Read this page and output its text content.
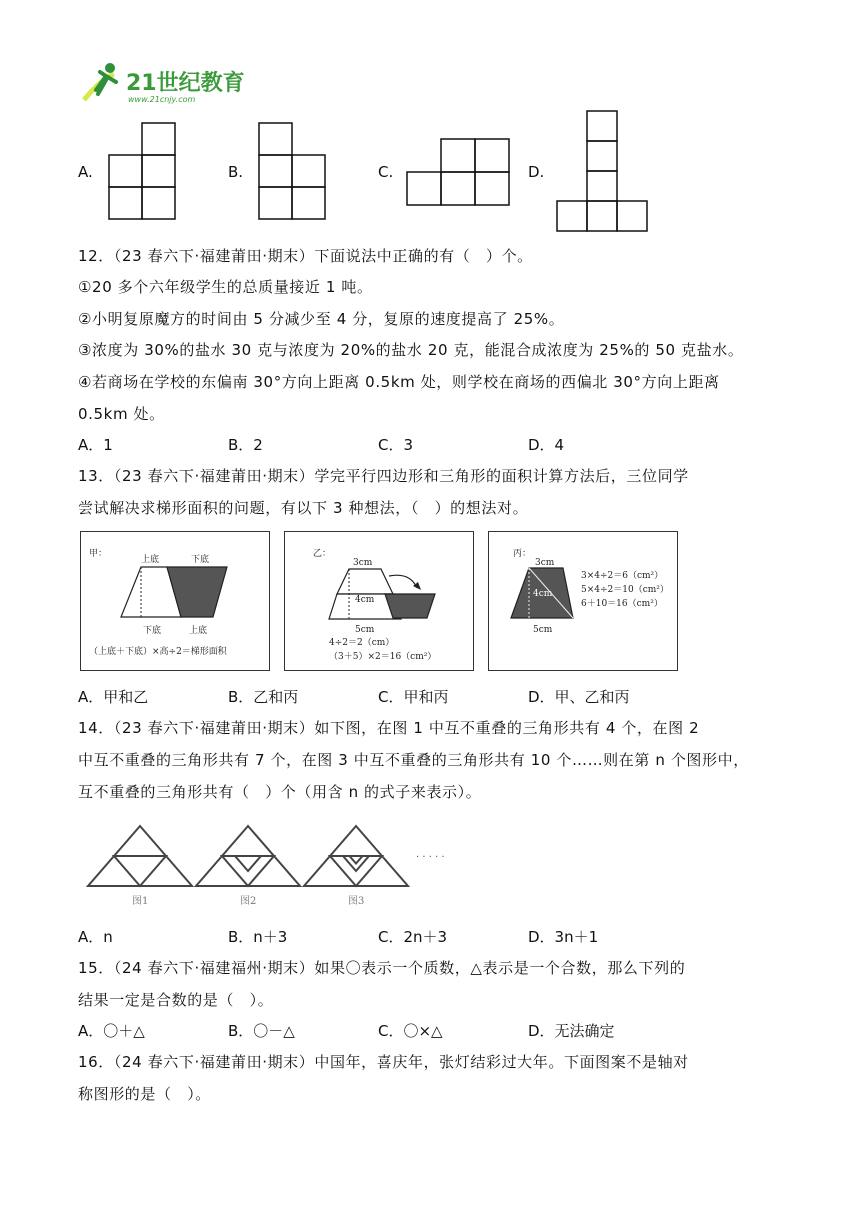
21世纪教育
www.21cnjy.com
A.	B.	C.	D.
12．（23 春六下·福建莆田·期末）下面说法中正确的有（　）个。
①20 多个六年级学生的总质量接近 1 吨。
②小明复原魔方的时间由 5 分减少至 4 分，复原的速度提高了 25%。
③浓度为 30%的盐水 30 克与浓度为 20%的盐水 20 克，能混合成浓度为 25%的 50 克盐水。
④若商场在学校的东偏南 30°方向上距离 0.5km 处，则学校在商场的西偏北 30°方向上距离
0.5km 处。
A．1	B．2	C．3	D．4
13．（23 春六下·福建莆田·期末）学完平行四边形和三角形的面积计算方法后，三位同学
尝试解决求梯形面积的问题，有以下 3 种想法，（　）的想法对。
甲：
上底	下底
下底	上底
（上底＋下底）×高÷2＝梯形面积
乙：
3cm
4cm
5cm
4÷2＝2（cm）
（3＋5）×2＝16（cm²）
丙：
3cm
4cm
5cm
3×4÷2＝6（cm²）
5×4÷2＝10（cm²）
6＋10＝16（cm²）
A．甲和乙	B．乙和丙	C．甲和丙	D．甲、乙和丙
14．（23 春六下·福建莆田·期末）如下图，在图 1 中互不重叠的三角形共有 4 个，在图 2
中互不重叠的三角形共有 7 个，在图 3 中互不重叠的三角形共有 10 个……则在第 n 个图形中，
互不重叠的三角形共有（　）个（用含 n 的式子来表示）。
图1	图2	图3
· · · · ·
A．n	B．n＋3	C．2n＋3	D．3n＋1
15．（24 春六下·福建福州·期末）如果〇表示一个质数，△表示是一个合数，那么下列的
结果一定是合数的是（　）。
A．〇＋△	B．〇－△	C．〇×△	D．无法确定
16．（24 春六下·福建莆田·期末）中国年，喜庆年，张灯结彩过大年。下面图案不是轴对
称图形的是（　）。
